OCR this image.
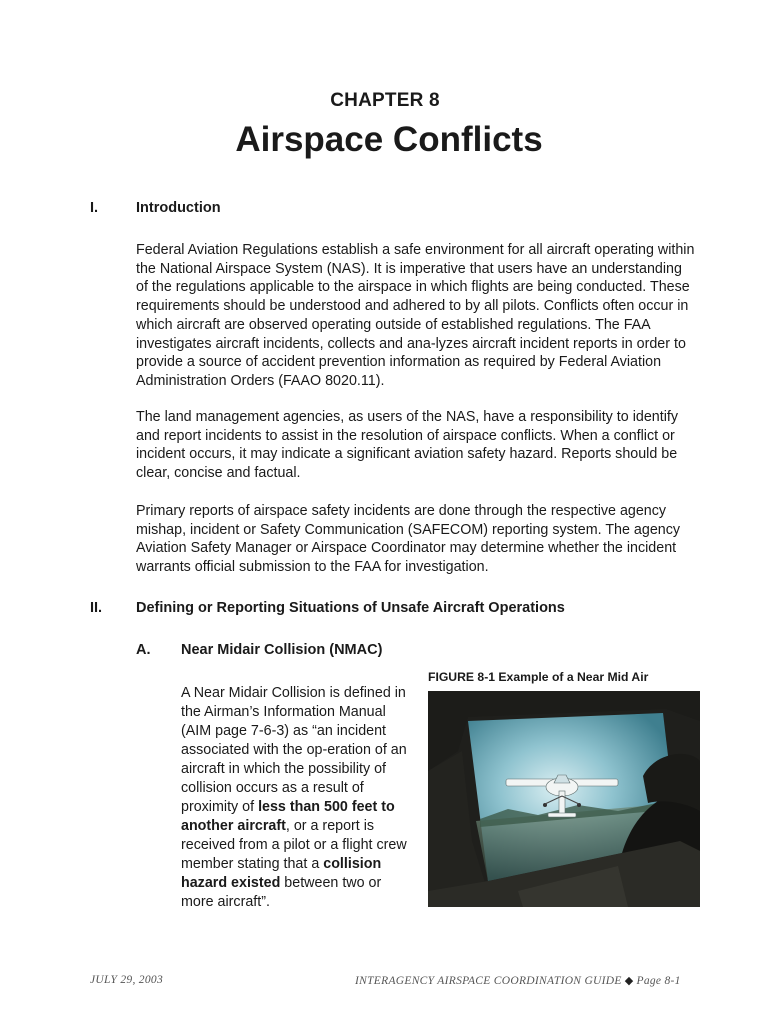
CHAPTER 8
Airspace Conflicts
I.	Introduction

Federal Aviation Regulations establish a safe environment for all aircraft operating within the National Airspace System (NAS). It is imperative that users have an understanding of the regulations applicable to the airspace in which flights are being conducted. These requirements should be understood and adhered to by all pilots. Conflicts often occur in which aircraft are observed operating outside of established regulations. The FAA investigates aircraft incidents, collects and ana-lyzes aircraft incident reports in order to provide a source of accident prevention information as required by Federal Aviation Administration Orders (FAAO 8020.11).

The land management agencies, as users of the NAS, have a responsibility to identify and report incidents to assist in the resolution of airspace conflicts. When a conflict or incident occurs, it may indicate a significant aviation safety hazard. Reports should be clear, concise and factual.

Primary reports of airspace safety incidents are done through the respective agency mishap, incident or Safety Communication (SAFECOM) reporting system. The agency Aviation Safety Manager or Airspace Coordinator may determine whether the incident warrants official submission to the FAA for investigation.

II. Defining or Reporting Situations of Unsafe Aircraft Operations
A. Near Midair Collision (NMAC)

A Near Midair Collision is defined in the Airman’s Information Manual (AIM page 7-6-3) as “an incident associated with the op-eration of an aircraft in which the possibility of collision occurs as a result of proximity of less than 500 feet to another aircraft, or a report is received from a pilot or a flight crew member stating that a collision hazard existed between two or more aircraft”.

FIGURE 8-1 Example of a Near Mid Air
JULY 29, 2003	INTERAGENCY AIRSPACE COORDINATION GUIDE ◆ Page 8-1
